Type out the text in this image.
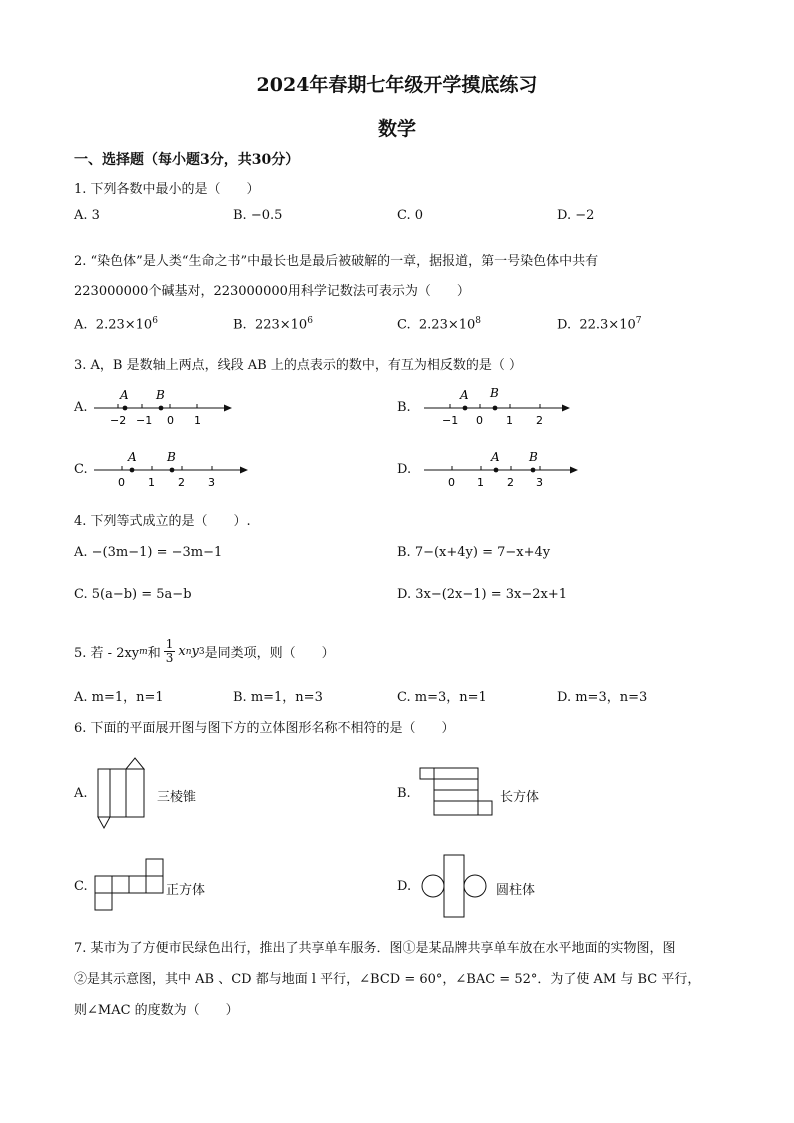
2024年春期七年级开学摸底练习
数学
一、选择题（每小题3分，共30分）
1. 下列各数中最小的是（　　）
A. 3	B. −0.5	C. 0	D. −2
2. “染色体”是人类“生命之书”中最长也是最后被破解的一章，据报道，第一号染色体中共有
223000000个碱基对，223000000用科学记数法可表示为（　　）
A. $2.23\times 10^6$	B. $223\times 10^6$	C. $2.23\times 10^8$	D. $22.3\times 10^7$
3. A，B 是数轴上两点，线段 AB 上的点表示的数中，有互为相反数的是（ ）
A.
A B
−2 −1 0 1
B.
A B
−1 0 1 2
C.
A	B
0 1 2 3
D.
A B
0 1 2 3
4. 下列等式成立的是（　　）.
A. −(3m−1) = −3m−1	B. 7−(x+4y) = 7−x+4y
C. 5(a−b) = 5a−b	D. 3x−(2x−1) = 3x−2x+1
5. 若 - 2xy m 和
1
3 x n y 3 是同类项，则（　　）
A. m=1，n=1	B. m=1，n=3	C. m=3，n=1	D. m=3，n=3
6. 下面的平面展开图与图下方的立体图形名称不相符的是（　　）
A.	三棱锥	B.	长方体
C.	正方体	D.	圆柱体
7. 某市为了方便市民绿色出行，推出了共享单车服务．图①是某品牌共享单车放在水平地面的实物图，图
②是其示意图，其中 AB 、CD 都与地面 l 平行，∠BCD = 60°，∠BAC = 52°．为了使 AM 与 BC 平行，
则∠MAC 的度数为（　　）
